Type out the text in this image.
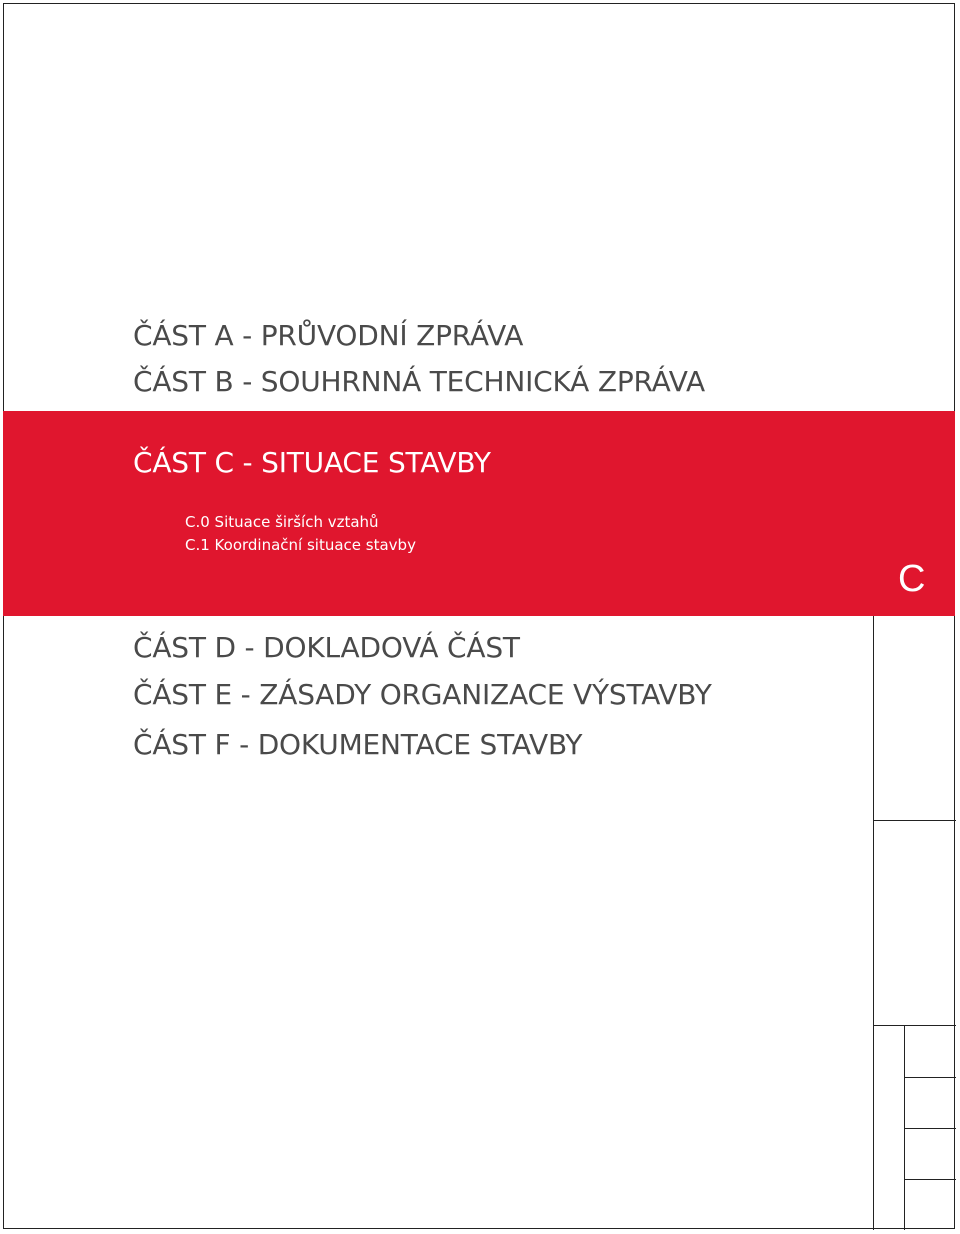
ČÁST A - PRŮVODNÍ ZPRÁVA
ČÁST B - SOUHRNNÁ TECHNICKÁ ZPRÁVA
ČÁST C - SITUACE STAVBY
C.0 Situace širších vztahů
C.1 Koordinační situace stavby
C
ČÁST D - DOKLADOVÁ ČÁST
ČÁST E - ZÁSADY ORGANIZACE VÝSTAVBY
ČÁST F - DOKUMENTACE STAVBY
